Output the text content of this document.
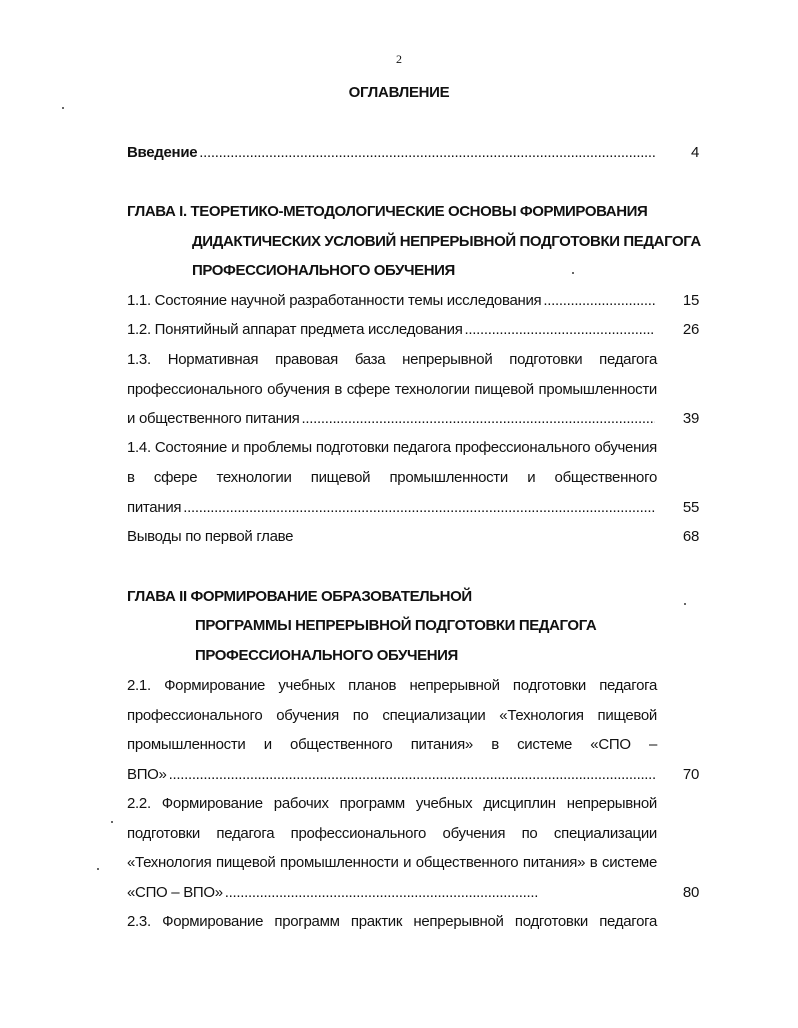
2
ОГЛАВЛЕНИЕ
Введение .....	4
ГЛАВА I. ТЕОРЕТИКО-МЕТОДОЛОГИЧЕСКИЕ ОСНОВЫ ФОРМИРОВАНИЯ
ДИДАКТИЧЕСКИХ УСЛОВИЙ НЕПРЕРЫВНОЙ ПОДГОТОВКИ ПЕДАГОГА
ПРОФЕССИОНАЛЬНОГО ОБУЧЕНИЯ
1.1. Состояние научной разработанности темы исследования .....	15
1.2. Понятийный аппарат предмета исследования .....	26
1.3. Нормативная правовая база непрерывной подготовки педагога
профессионального обучения в сфере технологии пищевой промышленности
и общественного питания .....	39
1.4. Состояние и проблемы подготовки педагога профессионального обучения
в сфере технологии пищевой промышленности и общественного
питания .....	55
Выводы по первой главе	68
ГЛАВА II ФОРМИРОВАНИЕ ОБРАЗОВАТЕЛЬНОЙ
ПРОГРАММЫ НЕПРЕРЫВНОЙ ПОДГОТОВКИ ПЕДАГОГА
ПРОФЕССИОНАЛЬНОГО ОБУЧЕНИЯ
2.1. Формирование учебных планов непрерывной подготовки педагога
профессионального обучения по специализации «Технология пищевой
промышленности и общественного питания» в системе «СПО –
ВПО» .....	70
2.2. Формирование рабочих программ учебных дисциплин непрерывной
подготовки педагога профессионального обучения по специализации
«Технология пищевой промышленности и общественного питания» в системе
«СПО – ВПО» .....	80
2.3. Формирование программ практик непрерывной подготовки педагога
